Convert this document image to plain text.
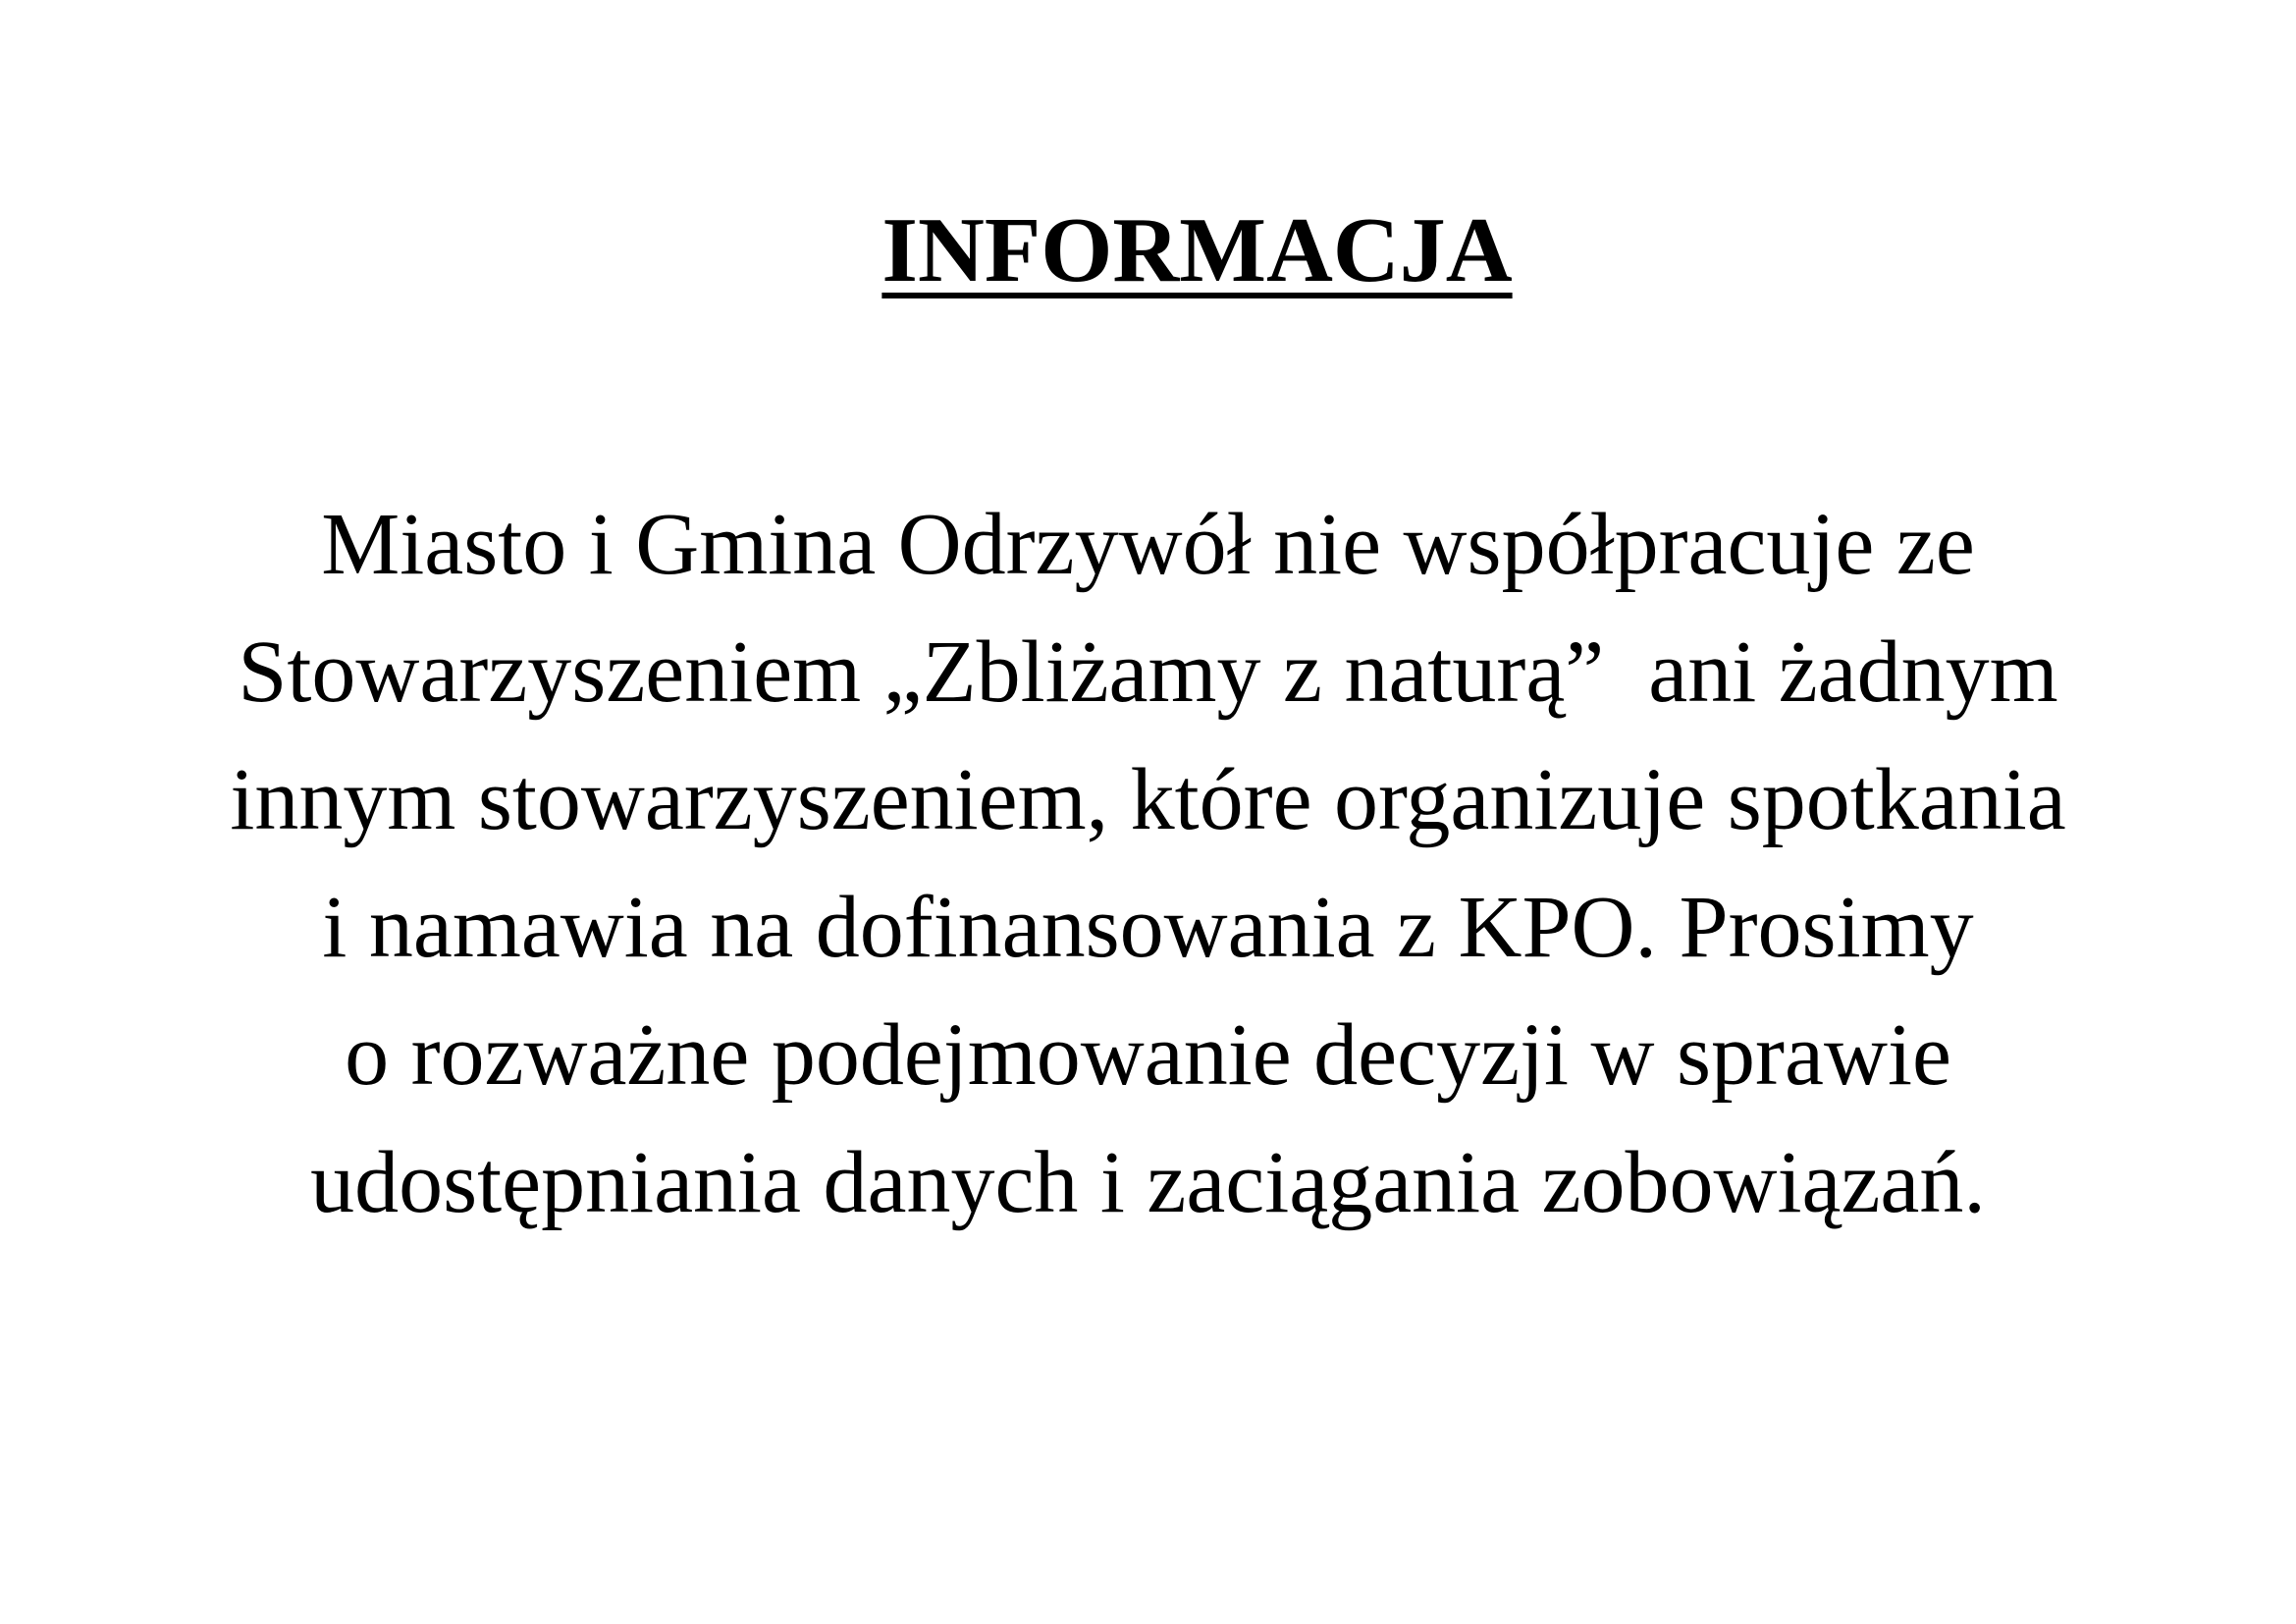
INFORMACJA
Miasto i Gmina Odrzywół nie współpracuje ze
Stowarzyszeniem „Zbliżamy z naturą”  ani żadnym
innym stowarzyszeniem, które organizuje spotkania
i namawia na dofinansowania z KPO. Prosimy
o rozważne podejmowanie decyzji w sprawie
udostępniania danych i zaciągania zobowiązań.
